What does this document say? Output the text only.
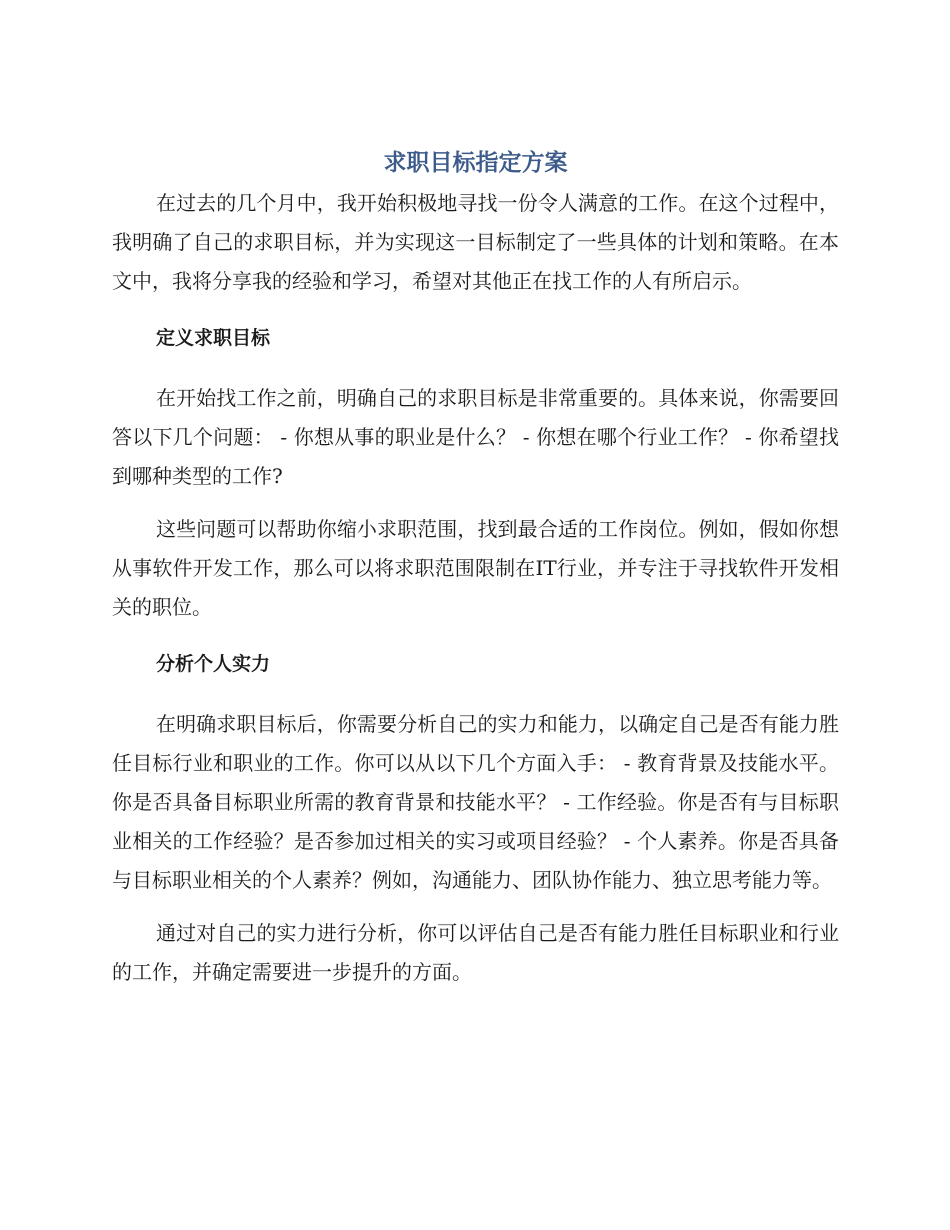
求职目标指定方案

在过去的几个月中，我开始积极地寻找一份令人满意的工作。在这个过程中，我明确了自己的求职目标，并为实现这一目标制定了一些具体的计划和策略。在本文中，我将分享我的经验和学习，希望对其他正在找工作的人有所启示。

定义求职目标

在开始找工作之前，明确自己的求职目标是非常重要的。具体来说，你需要回答以下几个问题： - 你想从事的职业是什么？ - 你想在哪个行业工作？ - 你希望找到哪种类型的工作?

这些问题可以帮助你缩小求职范围，找到最合适的工作岗位。例如，假如你想从事软件开发工作，那么可以将求职范围限制在IT行业，并专注于寻找软件开发相关的职位。

分析个人实力

在明确求职目标后，你需要分析自己的实力和能力，以确定自己是否有能力胜任目标行业和职业的工作。你可以从以下几个方面入手： - 教育背景及技能水平。你是否具备目标职业所需的教育背景和技能水平？ - 工作经验。你是否有与目标职业相关的工作经验？是否参加过相关的实习或项目经验？ - 个人素养。你是否具备与目标职业相关的个人素养？例如，沟通能力、团队协作能力、独立思考能力等。

通过对自己的实力进行分析，你可以评估自己是否有能力胜任目标职业和行业的工作，并确定需要进一步提升的方面。
